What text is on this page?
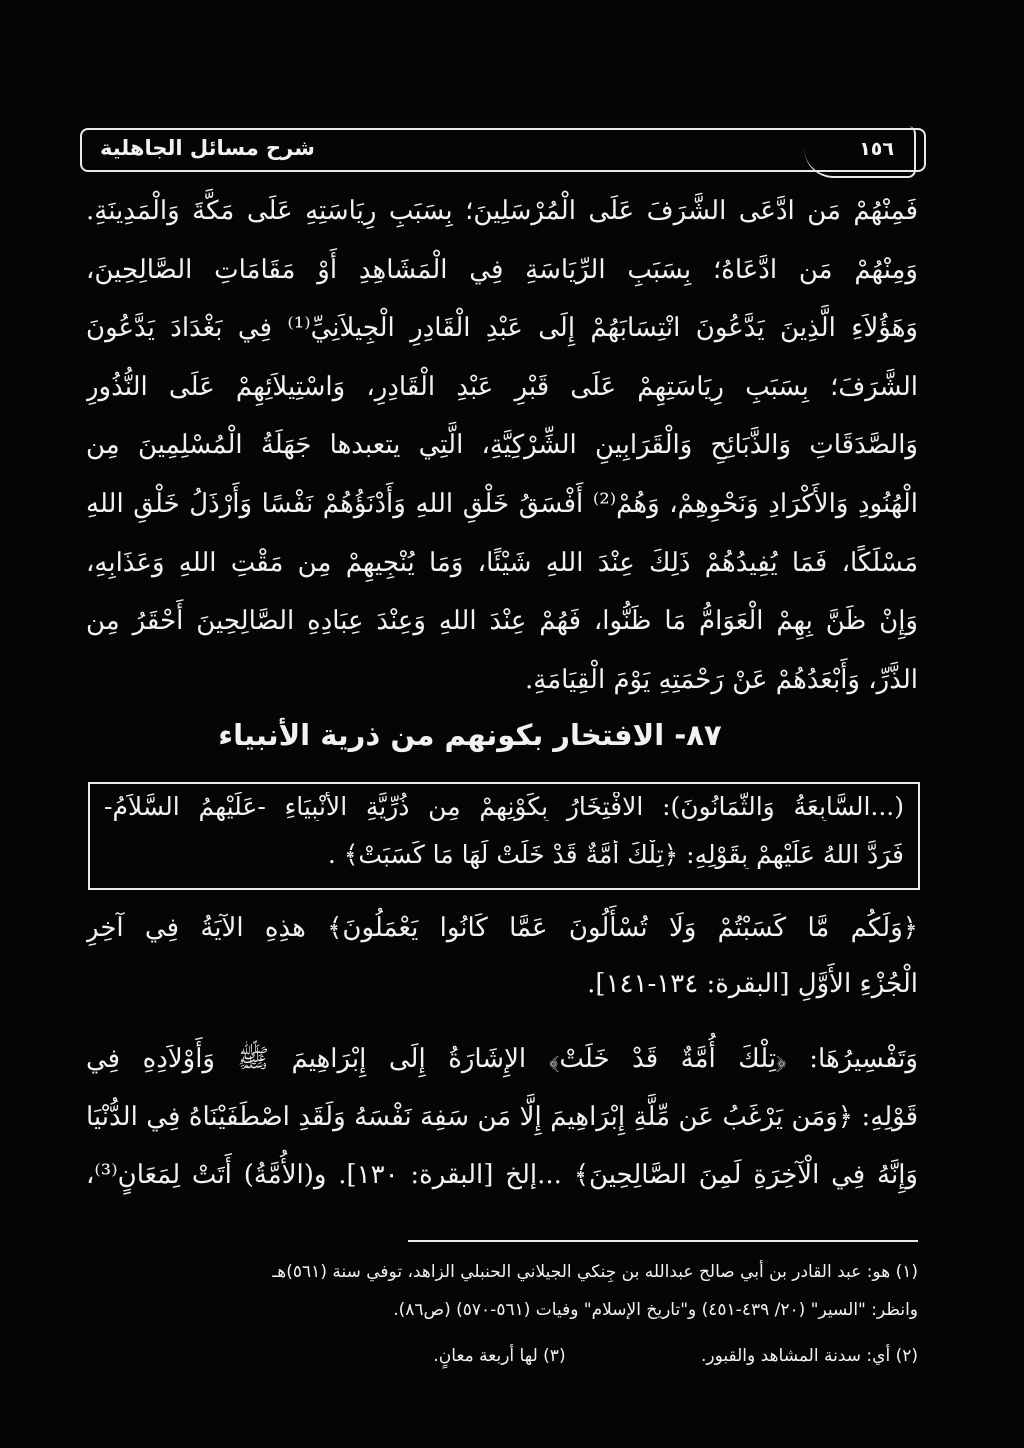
شرح مسائل الجاهلية	١٥٦
فَمِنْهُمْ مَن ادَّعَى الشَّرَفَ عَلَى الْمُرْسَلِينَ؛ بِسَبَبِ رِيَاسَتِهِ عَلَى مَكَّةَ وَالْمَدِينَةِ.
وَمِنْهُمْ مَن ادَّعَاهُ؛ بِسَبَبِ الرِّيَاسَةِ فِي الْمَشَاهِدِ أَوْ مَقَامَاتِ الصَّالِحِينَ،
وَهَؤُلاَءِ الَّذِينَ يَدَّعُونَ انْتِسَابَهُمْ إِلَى عَبْدِ الْقَادِرِ الْجِيلاَنِيِّ⁽¹⁾ فِي بَغْدَادَ يَدَّعُونَ
الشَّرَفَ؛ بِسَبَبِ رِيَاسَتِهِمْ عَلَى قَبْرِ عَبْدِ الْقَادِرِ، وَاسْتِيلاَئِهِمْ عَلَى النُّذُورِ
وَالصَّدَقَاتِ وَالذَّبَائِحِ وَالْقَرَابِينِ الشِّرْكِيَّةِ، الَّتِي يتعبدها جَهَلَةُ الْمُسْلِمِينَ مِن
الْهُنُودِ وَالأَكْرَادِ وَنَحْوِهِمْ، وَهُمْ⁽²⁾ أَفْسَقُ خَلْقِ اللهِ وَأَدْنَؤُهُمْ نَفْسًا وَأَرْذَلُ خَلْقِ اللهِ
مَسْلَكًا، فَمَا يُفِيدُهُمْ ذَلِكَ عِنْدَ اللهِ شَيْئًا، وَمَا يُنْجِيهِمْ مِن مَقْتِ اللهِ وَعَذَابِهِ،
وَإِنْ ظَنَّ بِهِمْ الْعَوَامُّ مَا ظَنُّوا، فَهُمْ عِنْدَ اللهِ وَعِنْدَ عِبَادِهِ الصَّالِحِينَ أَحْقَرُ مِن
الذَّرِّ، وَأَبْعَدُهُمْ عَنْ رَحْمَتِهِ يَوْمَ الْقِيَامَةِ.
٨٧- الافتخار بكونهم من ذرية الأنبياء
(...السَّابِعَةُ وَالثَّمَانُونَ): الافْتِخَارُ بِكَوْنِهِمْ مِن ذُرِّيَّةِ الأَنْبِيَاءِ -عَلَيْهِمُ السَّلاَمُ-
فَرَدَّ اللهُ عَلَيْهِمْ بِقَوْلِهِ: ﴿تِلْكَ أُمَّةٌ قَدْ خَلَتْ لَهَا مَا كَسَبَتْ﴾ .
﴿وَلَكُم مَّا كَسَبْتُمْ وَلَا تُسْأَلُونَ عَمَّا كَانُوا يَعْمَلُونَ﴾ هذِهِ الآيَةُ فِي آخِرِ
الْجُزْءِ الأَوَّلِ [البقرة: ١٣٤-١٤١].
وَتَفْسِيرُهَا: ﴿تِلْكَ أُمَّةٌ قَدْ خَلَتْ﴾ الإِشَارَةُ إِلَى إِبْرَاهِيمَ ﷺ وَأَوْلاَدِهِ فِي
قَوْلِهِ: ﴿وَمَن يَرْغَبُ عَن مِّلَّةِ إِبْرَاهِيمَ إِلَّا مَن سَفِهَ نَفْسَهُ وَلَقَدِ اصْطَفَيْنَاهُ فِي الدُّنْيَا
وَإِنَّهُ فِي الْآخِرَةِ لَمِنَ الصَّالِحِينَ﴾ ...إلخ [البقرة: ١٣٠]. و(الأُمَّةُ) أَتَتْ لِمَعَانٍ⁽³⁾،
(١) هو: عبد القادر بن أبي صالح عبدالله بن جِنكي الجيلاني الحنبلي الزاهد، توفي سنة (٥٦١)هـ
وانظر: "السير" (٢٠/ ٤٣٩-٤٥١) و"تاريخ الإسلام" وفيات (٥٦١-٥٧٠) (ص٨٦).
(٢) أي: سدنة المشاهد والقبور. (٣) لها أربعة معانٍ.
